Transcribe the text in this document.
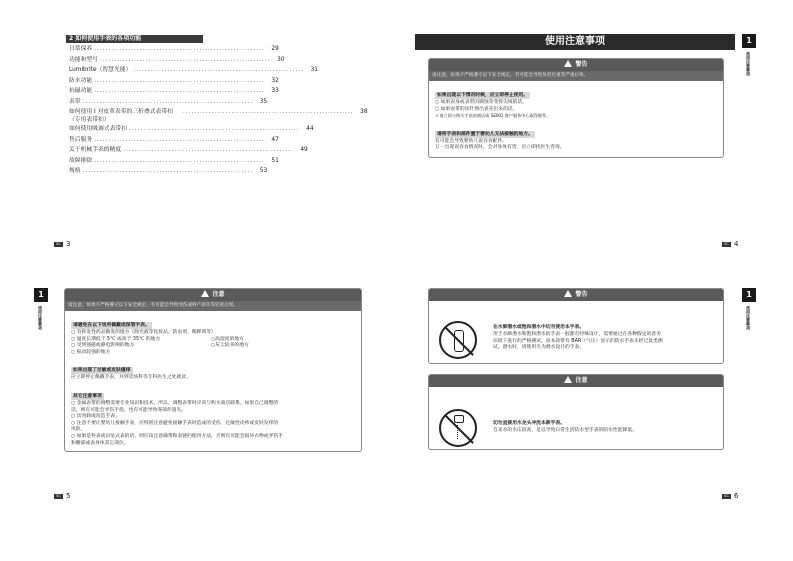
2 如何使用手表的各项功能
日常保养 ............................................................	29
功能和型号 ............................................................	30
Lumibrite（智慧光能） ............................................................	31
防水功能 ............................................................	32
抗磁功能 ............................................................	33
表带 ............................................................	35
如何使用 I 对皮革表带的三折叠式表带扣（专用表带扣）
............................................................	38
如何使用吸调式表带扣 ............................................................	44
售后服务 ............................................................	47
关于机械手表的精度 ............................................................	49
故障排除 ............................................................	51
规格 ............................................................	53
SC 3
使用注意事项	1
使用注意事项
警告
请注意，如果不严格遵守以下安全规定，有可能会导致负担过重等严重后果。
如果出现以下情况时候，应立即停止使用。
○ 如果表身或表带因腐蚀等变得尖锐的话。
○ 如果表带的扣针弹出表壳出来的话。
＊请立即与购买手表的商店或 SEIKO 客户服务中心取得联系。
请将手表和部件置于婴幼儿无法接触的地方。
有可能会导致婴幼儿误吞食配件。
万一出现误吞食情况时，会对身体有害，应立即找医生咨询。
SC 4
1
使用注意事项
注意
请注意，如果不严格遵守以下安全规定，有可能会导致受伤或财产损失等轻度后果。
请避免在以下场所佩戴或保管手表。
○ 有挥发性药品散发的地方（除光液等化妆品、防虫剂、稀释剂等）
○ 温度长期低于 5℃ 或高于 35℃ 的地方	○高湿度的地方
○ 受到强磁或静电影响的地方	○灰尘较多的地方
○ 振动较强的地方
如果出现了过敏或皮肤瘙痒
应立即停止佩戴手表，并到皮肤科等专科医生之处就诊。
其它注意事项
○ 金属表带的调整需要专业知识和技术，所以，调整表带时应该与购买商店联系。如果自己调整的
话，则有可能会弄伤手指，也有可能导致零部件遗失。
○ 切勿卸或改造手表。
○ 注意不要让婴幼儿接触手表，应特别注意避免接触手表时造成的受伤、过敏性皮疹或皮肤发痒的
风险。
○ 如果是怀表或吊坠式表的话，则应该注意确带和表链的使用方法，否则有可能会损坏衣物或弄伤手
和腰部或表身体其它部位。
SC 5
1
使用注意事项
警告
在水肺潜水或饱和潜水中切勿使用本手表。
用于水肺潜水和饱和潜水的手表一般都有特殊设计，需要通过在各种假定的恶劣
环境下进行的严格测试，而本款带有 BAR（气压）显示的防水手表未经过此类测
试。潜水时，请使用专为潜水设计的手表。
注意
切勿直接用水龙头冲洗本款手表。
自来水的水压较高，足以导致日常生活防水型手表的防水性能降低。
SC 6
